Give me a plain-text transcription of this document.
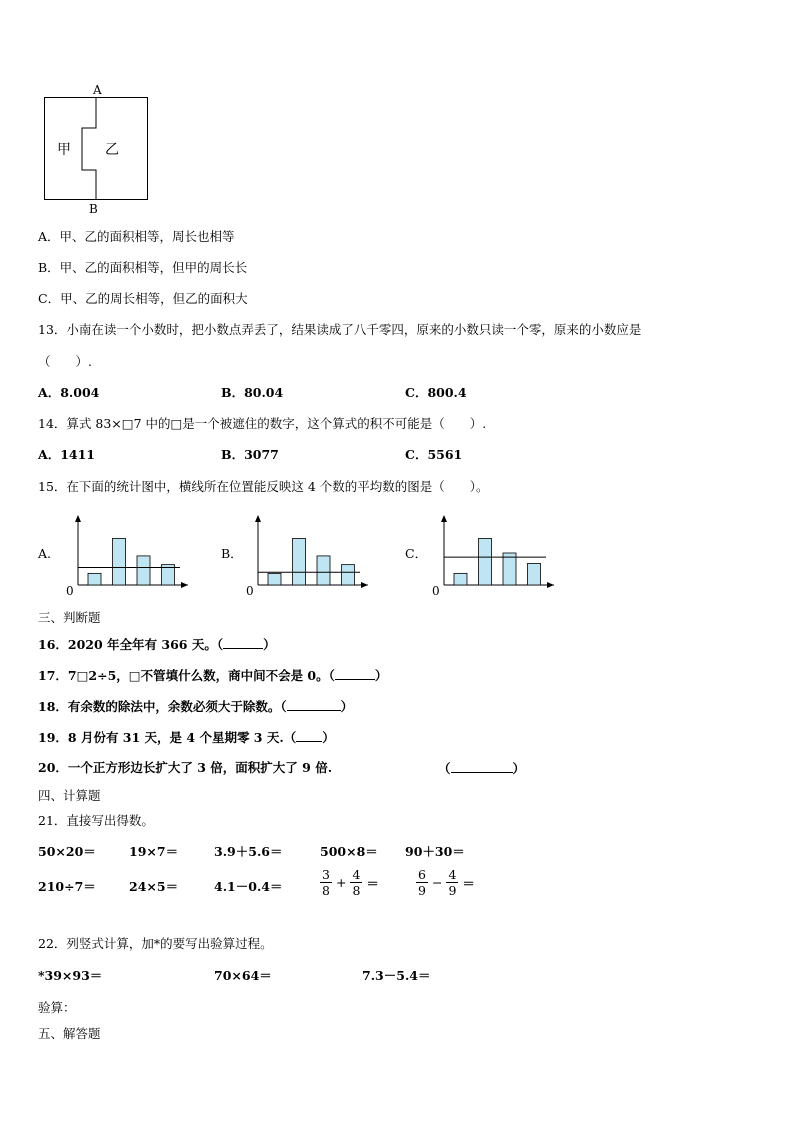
A
B
甲 乙
A．甲、乙的面积相等，周长也相等
B．甲、乙的面积相等，但甲的周长长
C．甲、乙的周长相等，但乙的面积大
13．小南在读一个小数时，把小数点弄丢了，结果读成了八千零四，原来的小数只读一个零，原来的小数应是
（　　）.
A．8.004	B．80.04	C．800.4
14．算式 83×□7 中的□是一个被遮住的数字，这个算式的积不可能是（　　）.
A．1411	B．3077	C．5561
15．在下面的统计图中，横线所在位置能反映这 4 个数的平均数的图是（　　）。
A.	B．	C．
0	0	0
三、判断题
16．2020 年全年有 366 天。（	）
17．7□2÷5，□不管填什么数，商中间不会是 0。（	）
18．有余数的除法中，余数必须大于除数。（	）
19．8 月份有 31 天，是 4 个星期零 3 天.（ ）
20．一个正方形边长扩大了 3 倍，面积扩大了 9 倍.	（	）
四、计算题
21．直接写出得数。
50×20＝	19×7＝	3.9＋5.6＝	500×8＝ 90＋30＝
210÷7＝	24×5＝	4.1－0.4＝	$\frac{3}{8} + \frac{4}{8}$ ＝	$\frac{6}{9} - \frac{4}{9}$ ＝
22．列竖式计算，加*的要写出验算过程。
*39×93＝	70×64＝	7.3－5.4＝
验算：
五、解答题
